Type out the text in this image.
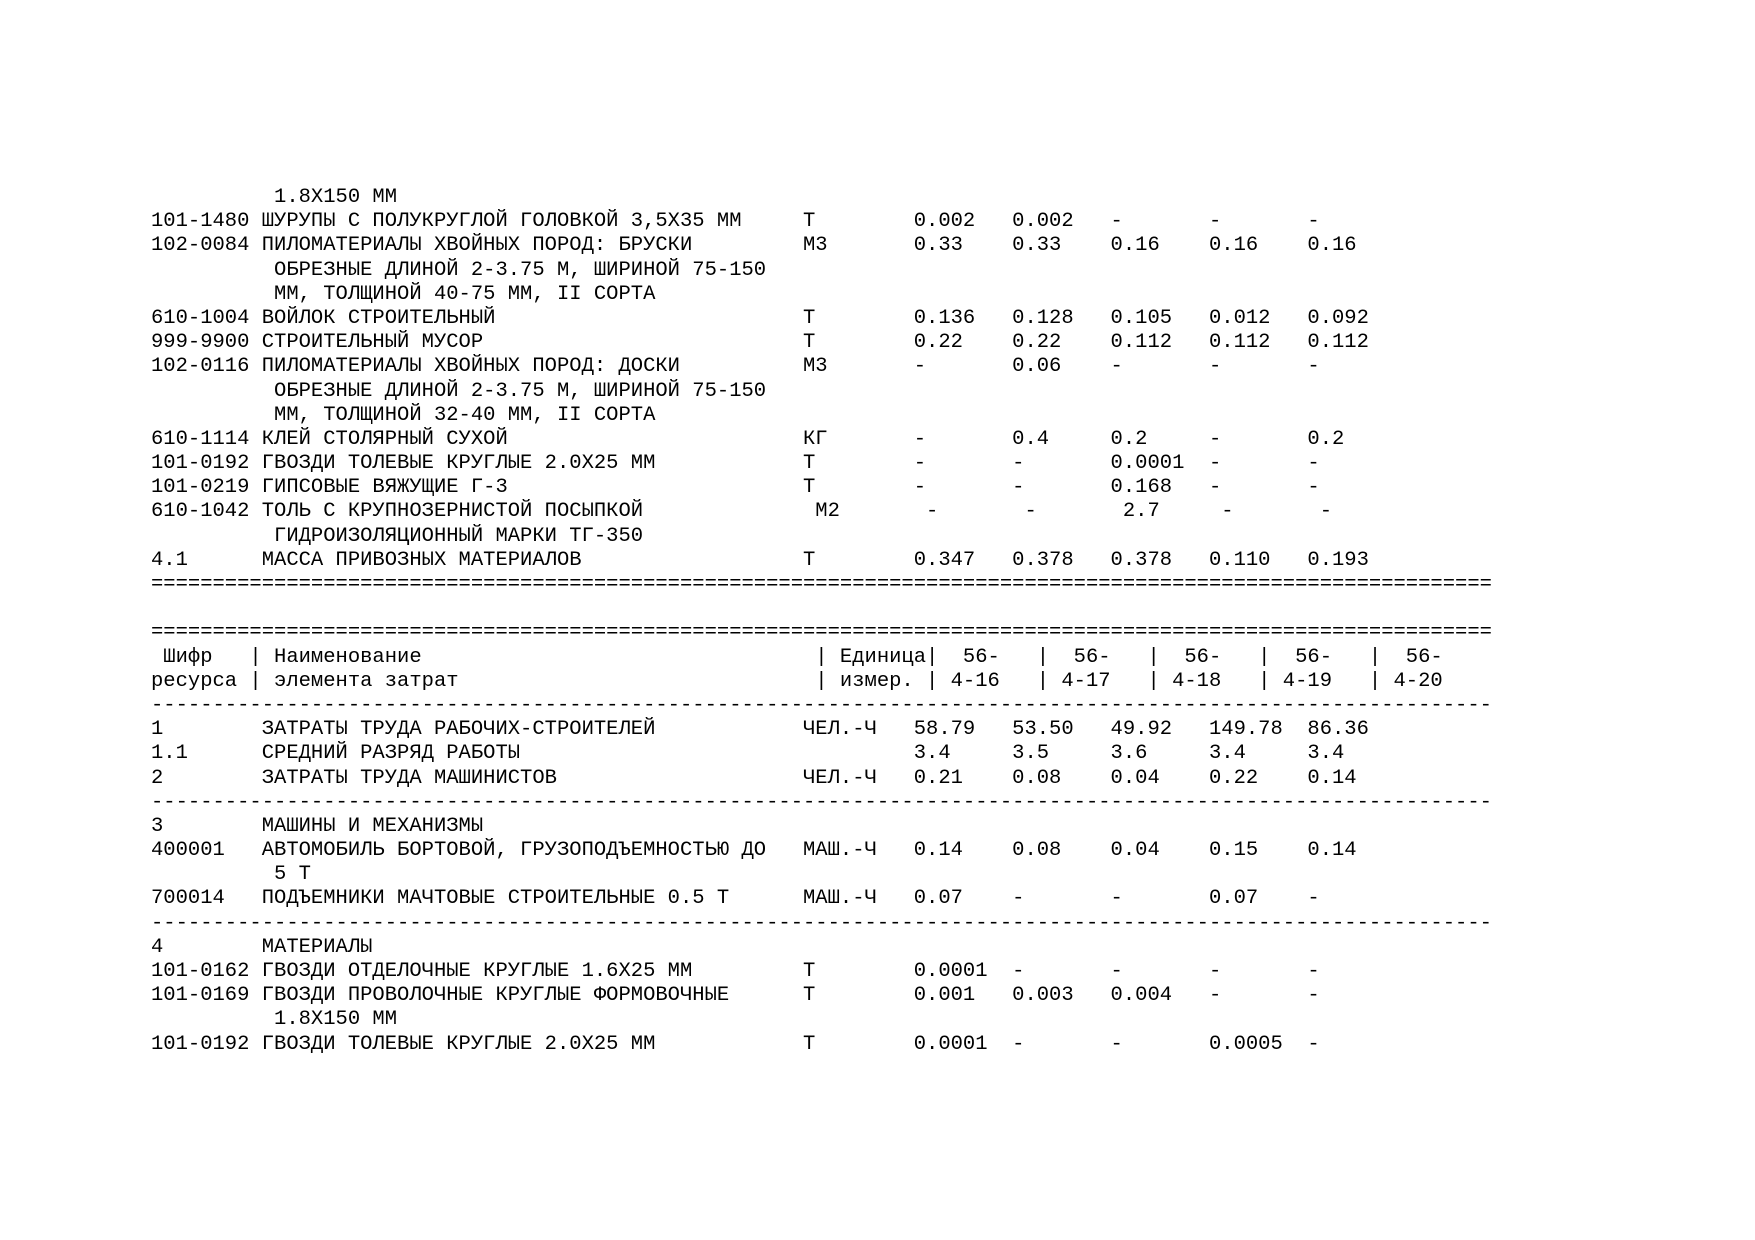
1.8X150 ММ
101-1480 ШУРУПЫ С ПОЛУКРУГЛОЙ ГОЛОВКОЙ 3,5Х35 ММ     Т        0.002   0.002   -       -       -
102-0084 ПИЛОМАТЕРИАЛЫ ХВОЙНЫХ ПОРОД: БРУСКИ         М3       0.33    0.33    0.16    0.16    0.16
ОБРЕЗНЫЕ ДЛИНОЙ 2-3.75 М, ШИРИНОЙ 75-150
ММ, ТОЛЩИНОЙ 40-75 ММ, II СОРТА
610-1004 ВОЙЛОК СТРОИТЕЛЬНЫЙ                         Т        0.136   0.128   0.105   0.012   0.092
999-9900 СТРОИТЕЛЬНЫЙ МУСОР                          Т        0.22    0.22    0.112   0.112   0.112
102-0116 ПИЛОМАТЕРИАЛЫ ХВОЙНЫХ ПОРОД: ДОСКИ          М3       -       0.06    -       -       -
ОБРЕЗНЫЕ ДЛИНОЙ 2-3.75 М, ШИРИНОЙ 75-150
ММ, ТОЛЩИНОЙ 32-40 ММ, II СОРТА
610-1114 КЛЕЙ СТОЛЯРНЫЙ СУХОЙ                        КГ       -       0.4     0.2     -       0.2
101-0192 ГВОЗДИ ТОЛЕВЫЕ КРУГЛЫЕ 2.0Х25 ММ            Т        -       -       0.0001  -       -
101-0219 ГИПСОВЫЕ ВЯЖУЩИЕ Г-3                        Т        -       -       0.168   -       -
610-1042 ТОЛЬ С КРУПНОЗЕРНИСТОЙ ПОСЫПКОЙ              М2       -       -       2.7     -       -
ГИДРОИЗОЛЯЦИОННЫЙ МАРКИ ТГ-350
4.1      МАССА ПРИВОЗНЫХ МАТЕРИАЛОВ                  Т        0.347   0.378   0.378   0.110   0.193
=============================================================================================================
=============================================================================================================
Шифр   | Наименование                                | Единица|  56-   |  56-   |  56-   |  56-   |  56-
ресурса | элемента затрат                             | измер. | 4-16   | 4-17   | 4-18   | 4-19   | 4-20
-------------------------------------------------------------------------------------------------------------
1        ЗАТРАТЫ ТРУДА РАБОЧИХ-СТРОИТЕЛЕЙ            ЧЕЛ.-Ч   58.79   53.50   49.92   149.78  86.36
1.1      СРЕДНИЙ РАЗРЯД РАБОТЫ                                3.4     3.5     3.6     3.4     3.4
2        ЗАТРАТЫ ТРУДА МАШИНИСТОВ                    ЧЕЛ.-Ч   0.21    0.08    0.04    0.22    0.14
-------------------------------------------------------------------------------------------------------------
3        МАШИНЫ И МЕХАНИЗМЫ
400001   АВТОМОБИЛЬ БОРТОВОЙ, ГРУЗОПОДЪЕМНОСТЬЮ ДО   МАШ.-Ч   0.14    0.08    0.04    0.15    0.14
5 Т
700014   ПОДЪЕМНИКИ МАЧТОВЫЕ СТРОИТЕЛЬНЫЕ 0.5 Т      МАШ.-Ч   0.07    -       -       0.07    -
-------------------------------------------------------------------------------------------------------------
4        МАТЕРИАЛЫ
101-0162 ГВОЗДИ ОТДЕЛОЧНЫЕ КРУГЛЫЕ 1.6Х25 ММ         Т        0.0001  -       -       -       -
101-0169 ГВОЗДИ ПРОВОЛОЧНЫЕ КРУГЛЫЕ ФОРМОВОЧНЫЕ      Т        0.001   0.003   0.004   -       -
1.8Х150 ММ
101-0192 ГВОЗДИ ТОЛЕВЫЕ КРУГЛЫЕ 2.0Х25 ММ            Т        0.0001  -       -       0.0005  -
